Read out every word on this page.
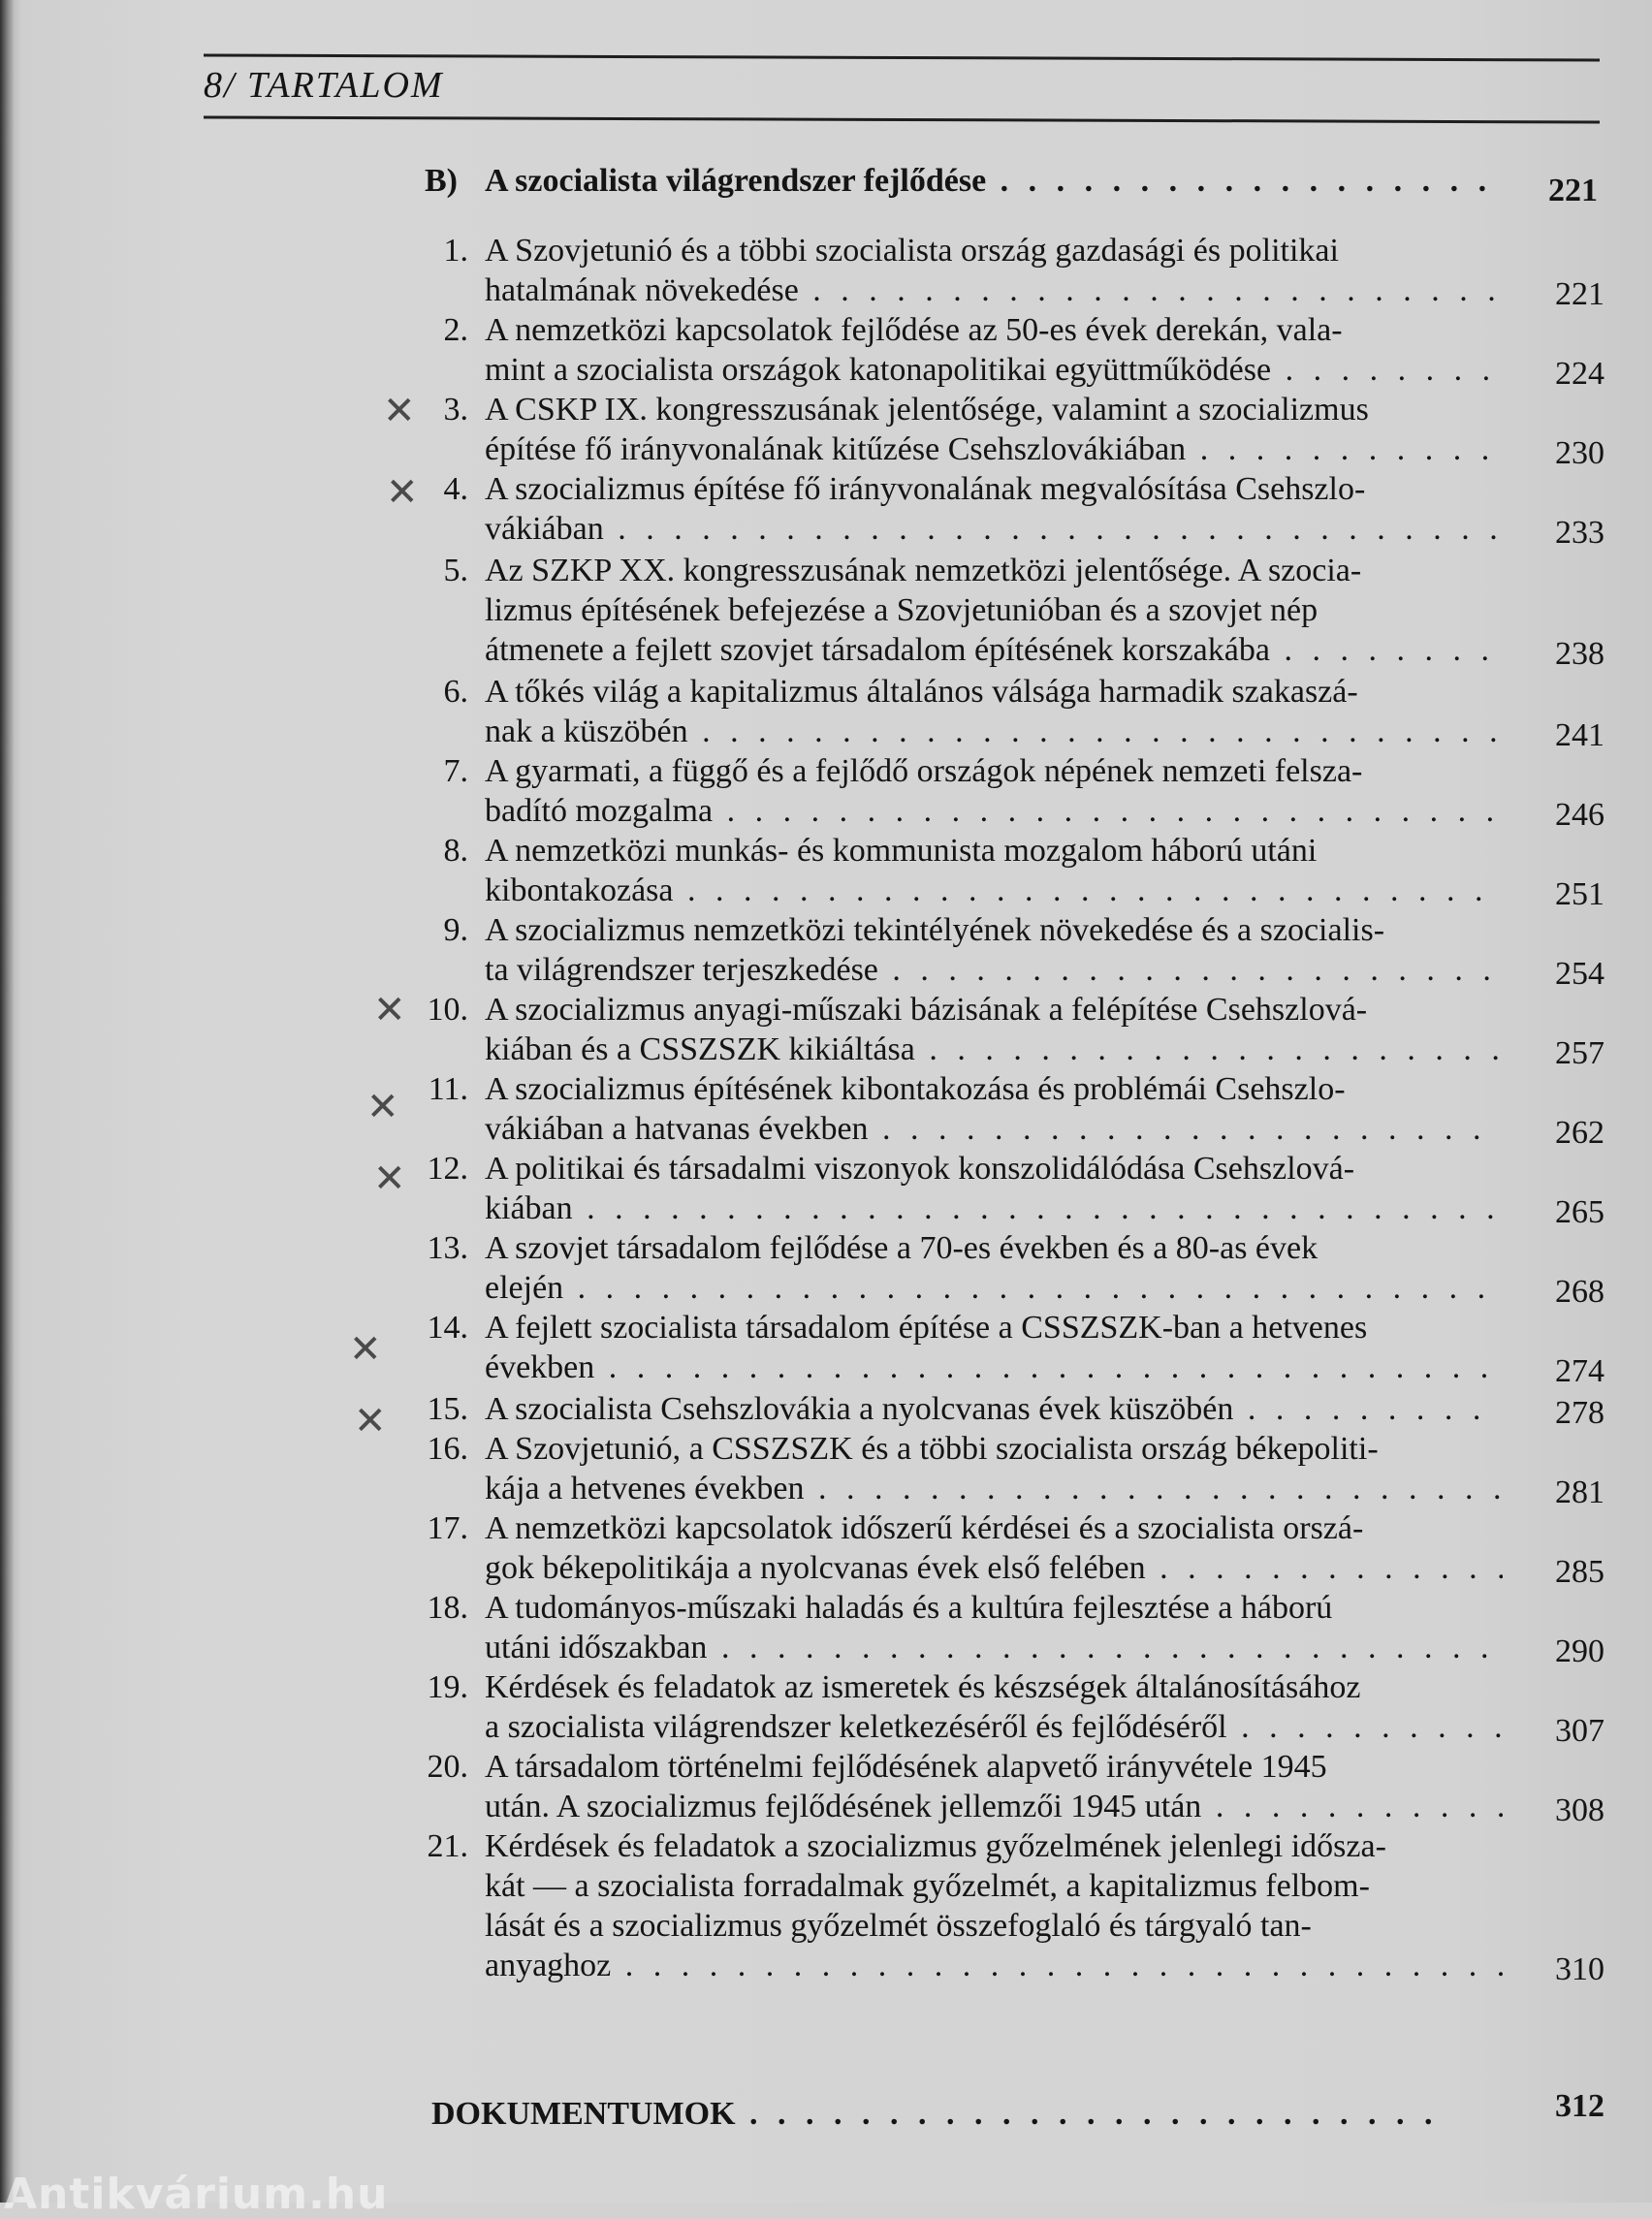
8/ TARTALOM
B) A szocialista világrendszer fejlődése . . .	221
1. A Szovjetunió és a többi szocialista ország gazdasági és politikai
hatalmának növekedése . . .	221
2. A nemzetközi kapcsolatok fejlődése az 50-es évek derekán, vala-
mint a szocialista országok katonapolitikai együttműködése . . .	224
3. A CSKP IX. kongresszusának jelentősége, valamint a szocializmus
építése fő irányvonalának kitűzése Csehszlovákiában . . .	230
4. A szocializmus építése fő irányvonalának megvalósítása Csehszlo-
vákiában . . .	233
5. Az SZKP XX. kongresszusának nemzetközi jelentősége. A szocia-
lizmus építésének befejezése a Szovjetunióban és a szovjet nép
átmenete a fejlett szovjet társadalom építésének korszakába . . .	238
6. A tőkés világ a kapitalizmus általános válsága harmadik szakaszá-
nak a küszöbén . . .	241
7. A gyarmati, a függő és a fejlődő országok népének nemzeti felsza-
badító mozgalma . . .	246
8. A nemzetközi munkás- és kommunista mozgalom háború utáni
kibontakozása . . .	251
9. A szocializmus nemzetközi tekintélyének növekedése és a szocialis-
ta világrendszer terjeszkedése . . .	254
10. A szocializmus anyagi-műszaki bázisának a felépítése Csehszlová-
kiában és a CSSZSZK kikiáltása . . .	257
11. A szocializmus építésének kibontakozása és problémái Csehszlo-
vákiában a hatvanas években . . .	262
12. A politikai és társadalmi viszonyok konszolidálódása Csehszlová-
kiában . . .	265
13. A szovjet társadalom fejlődése a 70-es években és a 80-as évek
elején . . .	268
14. A fejlett szocialista társadalom építése a CSSZSZK-ban a hetvenes
években . . .	274
15. A szocialista Csehszlovákia a nyolcvanas évek küszöbén . . .	278
16. A Szovjetunió, a CSSZSZK és a többi szocialista ország békepoliti-
kája a hetvenes években . . .	281
17. A nemzetközi kapcsolatok időszerű kérdései és a szocialista orszá-
gok békepolitikája a nyolcvanas évek első felében . . .	285
18. A tudományos-műszaki haladás és a kultúra fejlesztése a háború
utáni időszakban . . .	290
19. Kérdések és feladatok az ismeretek és készségek általánosításához
a szocialista világrendszer keletkezéséről és fejlődéséről . . .	307
20. A társadalom történelmi fejlődésének alapvető irányvétele 1945
után. A szocializmus fejlődésének jellemzői 1945 után . . .	308
21. Kérdések és feladatok a szocializmus győzelmének jelenlegi idősza-
kát — a szocialista forradalmak győzelmét, a kapitalizmus felbom-
lását és a szocializmus győzelmét összefoglaló és tárgyaló tan-
anyaghoz . . .	310
DOKUMENTUMOK . . .	312
✕
✕
✕
✕
✕
✕
✕
Antikvárium.hu
